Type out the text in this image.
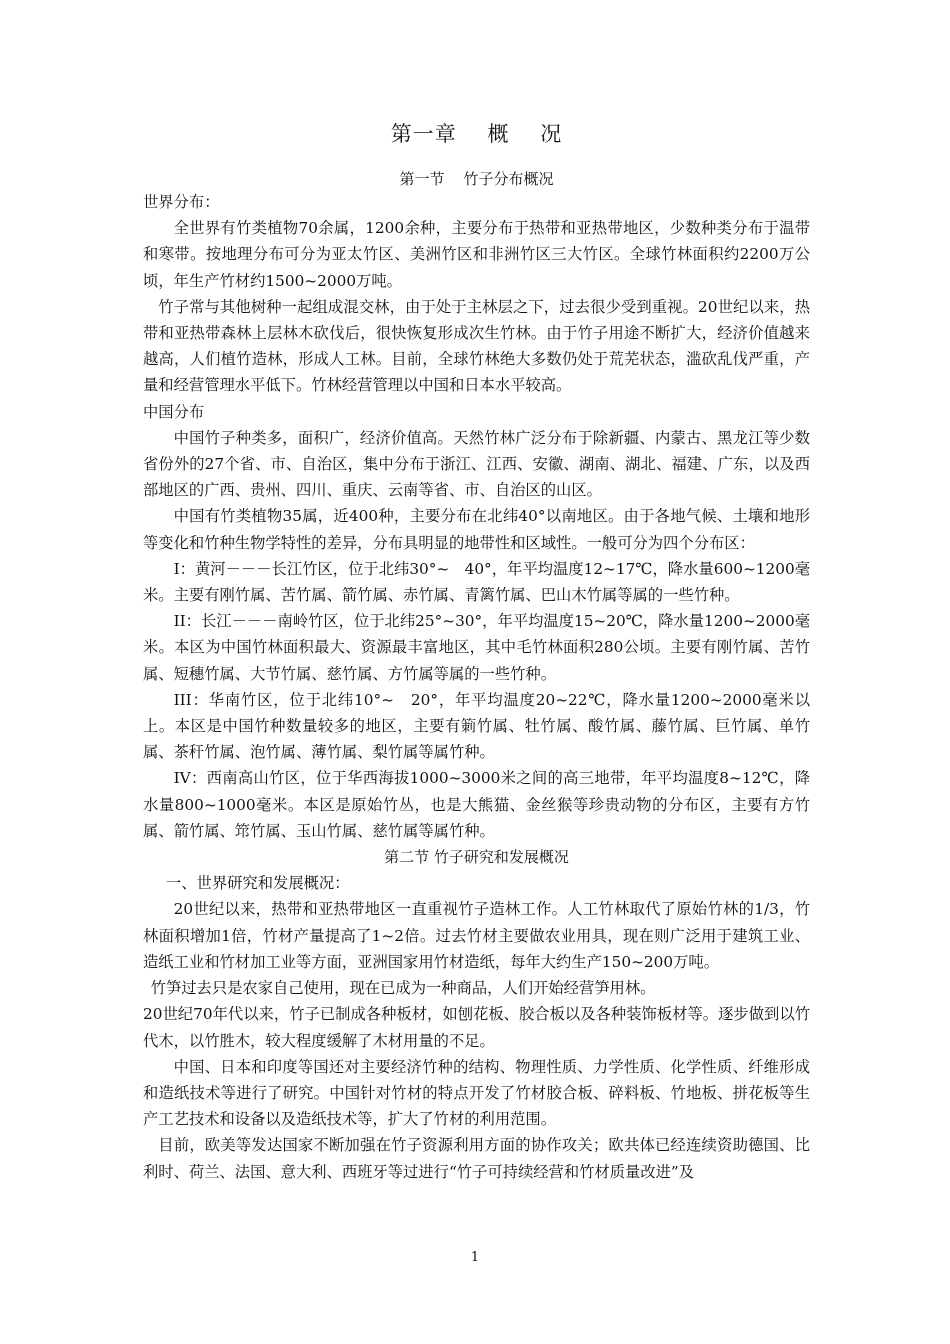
第一章    概    况
第一节    竹子分布概况

世界分布：

全世界有竹类植物70余属，1200余种，主要分布于热带和亚热带地区，少数种类分布于温带和寒带。按地理分布可分为亚太竹区、美洲竹区和非洲竹区三大竹区。全球竹林面积约2200万公顷，年生产竹材约1500~2000万吨。

竹子常与其他树种一起组成混交林，由于处于主林层之下，过去很少受到重视。20世纪以来，热带和亚热带森林上层林木砍伐后，很快恢复形成次生竹林。由于竹子用途不断扩大，经济价值越来越高，人们植竹造林，形成人工林。目前，全球竹林绝大多数仍处于荒芜状态，滥砍乱伐严重，产量和经营管理水平低下。竹林经营管理以中国和日本水平较高。

中国分布

中国竹子种类多，面积广，经济价值高。天然竹林广泛分布于除新疆、内蒙古、黑龙江等少数省份外的27个省、市、自治区，集中分布于浙江、江西、安徽、湖南、湖北、福建、广东，以及西部地区的广西、贵州、四川、重庆、云南等省、市、自治区的山区。

中国有竹类植物35属，近400种，主要分布在北纬40°以南地区。由于各地气候、土壤和地形等变化和竹种生物学特性的差异，分布具明显的地带性和区域性。一般可分为四个分布区：

I：黄河－－－长江竹区，位于北纬30°~　40°，年平均温度12~17℃，降水量600~1200毫米。主要有刚竹属、苦竹属、箭竹属、赤竹属、青篱竹属、巴山木竹属等属的一些竹种。

II：长江－－－南岭竹区，位于北纬25°~30°，年平均温度15~20℃，降水量1200~2000毫米。本区为中国竹林面积最大、资源最丰富地区，其中毛竹林面积280公顷。主要有刚竹属、苦竹属、短穗竹属、大节竹属、慈竹属、方竹属等属的一些竹种。

III：华南竹区，位于北纬10°~　20°，年平均温度20~22℃，降水量1200~2000毫米以上。本区是中国竹种数量较多的地区，主要有箣竹属、牡竹属、酸竹属、藤竹属、巨竹属、单竹属、茶秆竹属、泡竹属、薄竹属、梨竹属等属竹种。

IV：西南高山竹区，位于华西海拔1000~3000米之间的高三地带，年平均温度8~12℃，降水量800~1000毫米。本区是原始竹丛，也是大熊猫、金丝猴等珍贵动物的分布区，主要有方竹属、箭竹属、筇竹属、玉山竹属、慈竹属等属竹种。

第二节 竹子研究和发展概况

一、世界研究和发展概况：

20世纪以来，热带和亚热带地区一直重视竹子造林工作。人工竹林取代了原始竹林的1/3，竹林面积增加1倍，竹材产量提高了1~2倍。过去竹材主要做农业用具，现在则广泛用于建筑工业、造纸工业和竹材加工业等方面，亚洲国家用竹材造纸，每年大约生产150~200万吨。

竹笋过去只是农家自己使用，现在已成为一种商品，人们开始经营笋用林。

20世纪70年代以来，竹子已制成各种板材，如刨花板、胶合板以及各种装饰板材等。逐步做到以竹代木，以竹胜木，较大程度缓解了木材用量的不足。

中国、日本和印度等国还对主要经济竹种的结构、物理性质、力学性质、化学性质、纤维形成和造纸技术等进行了研究。中国针对竹材的特点开发了竹材胶合板、碎料板、竹地板、拼花板等生产工艺技术和设备以及造纸技术等，扩大了竹材的利用范围。

目前，欧美等发达国家不断加强在竹子资源利用方面的协作攻关；欧共体已经连续资助德国、比利时、荷兰、法国、意大利、西班牙等过进行“竹子可持续经营和竹材质量改进”及

1
